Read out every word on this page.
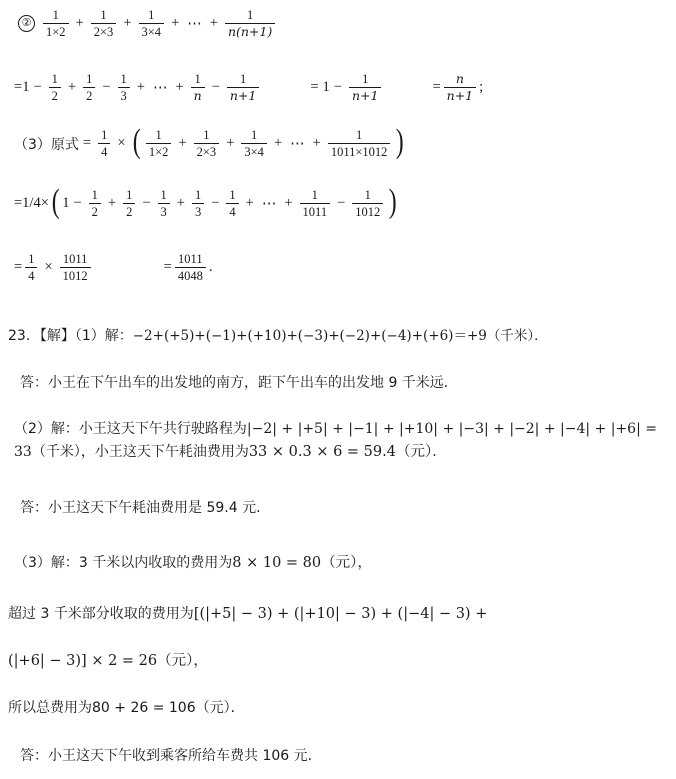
② $\frac{1}{1\times 2} + \frac{1}{2\times 3} + \frac{1}{3\times 4}$ + ⋯ + $\frac{1}{n(n+1)}$
= $1 - \frac{1}{2} + \frac{1}{2} - \frac{1}{3}$ + ⋯ + $\frac{1}{n} - \frac{1}{n+1}$	= $1 - \frac{1}{n+1}$	= $\frac{n}{n+1}$ ;
（3）原式 = $\frac{1}{4}$ × ( $\frac{1}{1\times 2} + \frac{1}{2\times 3} + \frac{1}{3\times 4}$ + ⋯ + $\frac{1}{1011\times 1012}$ )
=1/4× ( $1 - \frac{1}{2} + \frac{1}{2} - \frac{1}{3} + \frac{1}{3} - \frac{1}{4}$ + ⋯ + $\frac{1}{1011} - \frac{1}{1012}$ )
= $\frac{1}{4} \times \frac{1011}{1012}$	= $\frac{1011}{4048}$ .
23．【解】（1）解：−2+(+5)+(−1)+(+10)+(−3)+(−2)+(−4)+(+6)＝+9（千米）．
答：小王在下午出车的出发地的南方，距下午出车的出发地 9 千米远．
（2）解：小王这天下午共行驶路程为|−2| + |+5| + |−1| + |+10| + |−3| + |−2| + |−4| + |+6| = 33（千米），小王这天下午耗油费用为33 × 0.3 × 6 = 59.4（元）．
答：小王这天下午耗油费用是 59.4 元．
（3）解：3 千米以内收取的费用为8 × 10 = 80（元），
超过 3 千米部分收取的费用为[(|+5| − 3) + (|+10| − 3) + (|−4| − 3) +
(|+6| − 3)] × 2 = 26（元），
所以总费用为80 + 26 = 106（元）．
答：小王这天下午收到乘客所给车费共 106 元．
